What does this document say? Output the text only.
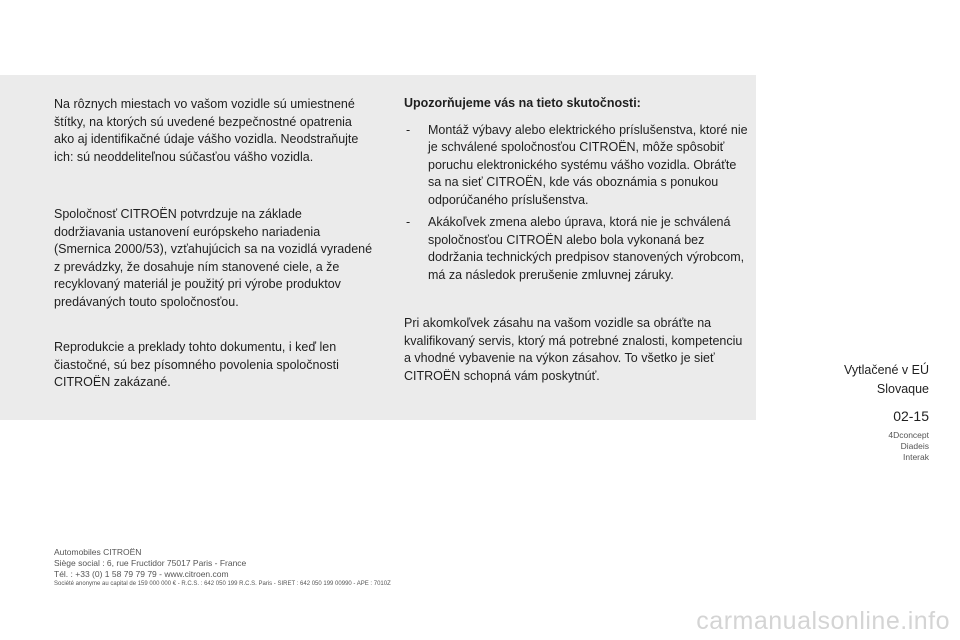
Na rôznych miestach vo vašom vozidle sú umiestnené štítky, na ktorých sú uvedené bezpečnostné opatrenia ako aj identifikačné údaje vášho vozidla. Neodstraňujte ich: sú neoddeliteľnou súčasťou vášho vozidla.

Spoločnosť CITROËN potvrdzuje na základe dodržiavania ustanovení európskeho nariadenia (Smernica 2000/53), vzťahujúcich sa na vozidlá vyradené z prevádzky, že dosahuje ním stanovené ciele, a že recyklovaný materiál je použitý pri výrobe produktov predávaných touto spoločnosťou.

Reprodukcie a preklady tohto dokumentu, i keď len čiastočné, sú bez písomného povolenia spoločnosti CITROËN zakázané.

Upozorňujeme vás na tieto skutočnosti:

-	Montáž výbavy alebo elektrického príslušenstva, ktoré nie je schválené spoločnosťou CITROËN, môže spôsobiť poruchu elektronického systému vášho vozidla. Obráťte sa na sieť CITROËN, kde vás oboznámia s ponukou odporúčaného príslušenstva.
-	Akákoľvek zmena alebo úprava, ktorá nie je schválená spoločnosťou CITROËN alebo bola vykonaná bez dodržania technických predpisov stanovených výrobcom, má za následok prerušenie zmluvnej záruky.

Pri akomkoľvek zásahu na vašom vozidle sa obráťte na kvalifikovaný servis, ktorý má potrebné znalosti, kompetenciu a vhodné vybavenie na výkon zásahov. To všetko je sieť CITROËN schopná vám poskytnúť.	Vytlačené v EÚ
Slovaque
02-15
4Dconcept
Diadeis
Interak
Automobiles CITROËN
Siège social : 6, rue Fructidor 75017 Paris - France
Tél. : +33 (0) 1 58 79 79 79 - www.citroen.com
Société anonyme au capital de 159 000 000 € - R.C.S. : 642 050 199 R.C.S. Paris - SIRET : 642 050 199 00990 - APE : 7010Z
carmanualsonline.info
